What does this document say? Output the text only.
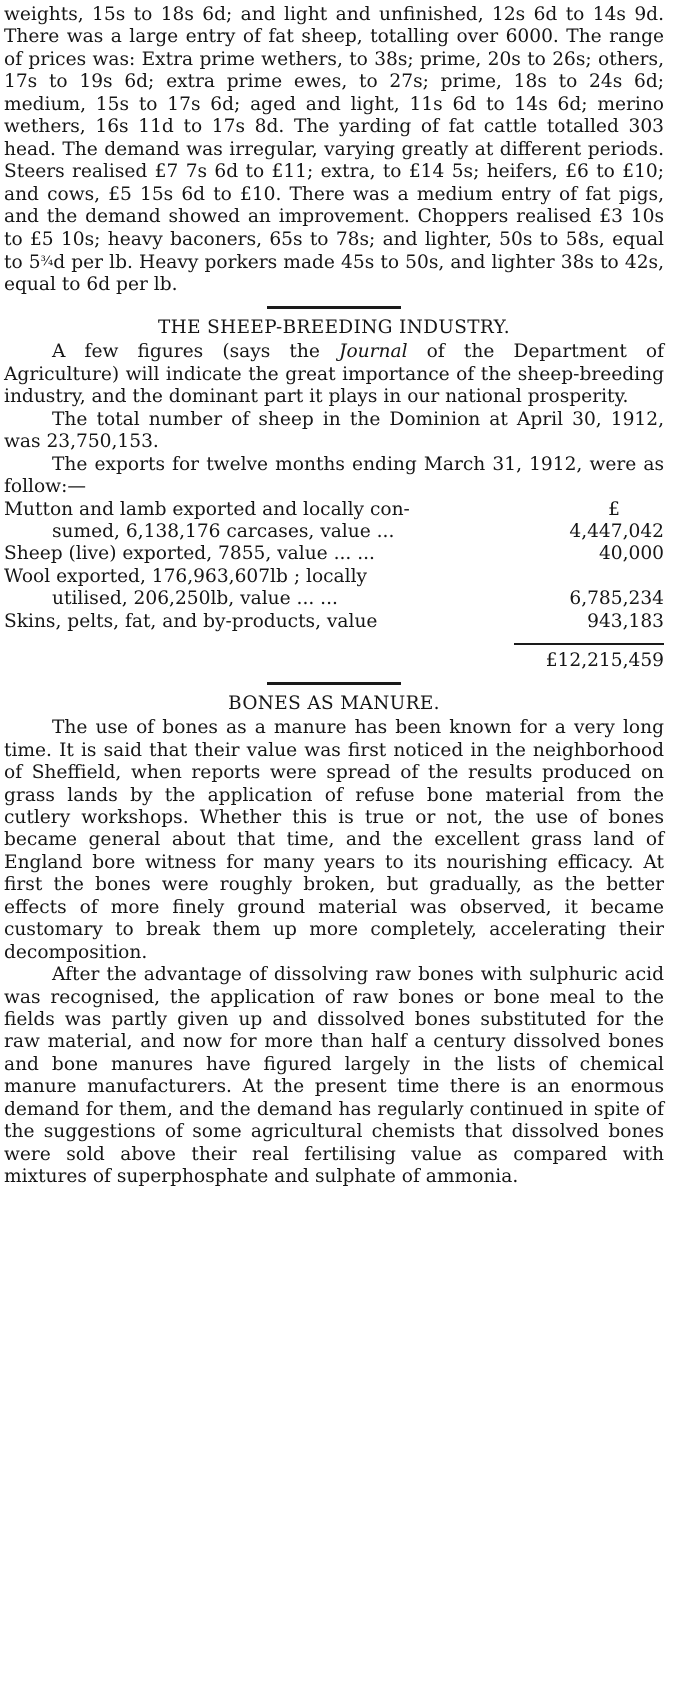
weights, 15s to 18s 6d; and light and unfinished, 12s 6d to 14s 9d. There was a large entry of fat sheep, totalling over 6000. The range of prices was: Extra prime wethers, to 38s; prime, 20s to 26s; others, 17s to 19s 6d; extra prime ewes, to 27s; prime, 18s to 24s 6d; medium, 15s to 17s 6d; aged and light, 11s 6d to 14s 6d; merino wethers, 16s 11d to 17s 8d. The yarding of fat cattle totalled 303 head. The demand was irregular, varying greatly at different periods. Steers realised £7 7s 6d to £11; extra, to £14 5s; heifers, £6 to £10; and cows, £5 15s 6d to £10. There was a medium entry of fat pigs, and the demand showed an improvement. Choppers realised £3 10s to £5 10s; heavy baconers, 65s to 78s; and lighter, 50s to 58s, equal to 5¾d per lb. Heavy porkers made 45s to 50s, and lighter 38s to 42s, equal to 6d per lb.

THE SHEEP-BREEDING INDUSTRY.

A few figures (says the Journal of the Department of Agriculture) will indicate the great importance of the sheep-breeding industry, and the dominant part it plays in our national prosperity.

The total number of sheep in the Dominion at April 30, 1912, was 23,750,153.

The exports for twelve months ending March 31, 1912, were as follow:—

Mutton and lamb exported and locally con-	£
sumed, 6,138,176 carcases, value ...	4,447,042
Sheep (live) exported, 7855, value ... ...	40,000
Wool exported, 176,963,607lb ; locally
utilised, 206,250lb, value ... ...	6,785,234
Skins, pelts, fat, and by-products, value	943,183
£12,215,459
BONES AS MANURE.

The use of bones as a manure has been known for a very long time. It is said that their value was first noticed in the neighborhood of Sheffield, when reports were spread of the results produced on grass lands by the application of refuse bone material from the cutlery workshops. Whether this is true or not, the use of bones became general about that time, and the excellent grass land of England bore witness for many years to its nourishing efficacy. At first the bones were roughly broken, but gradually, as the better effects of more finely ground material was observed, it became customary to break them up more completely, accelerating their decomposition.

After the advantage of dissolving raw bones with sulphuric acid was recognised, the application of raw bones or bone meal to the fields was partly given up and dissolved bones substituted for the raw material, and now for more than half a century dissolved bones and bone manures have figured largely in the lists of chemical manure manufacturers. At the present time there is an enormous demand for them, and the demand has regularly continued in spite of the suggestions of some agricultural chemists that dissolved bones were sold above their real fertilising value as compared with mixtures of superphosphate and sulphate of ammonia.
